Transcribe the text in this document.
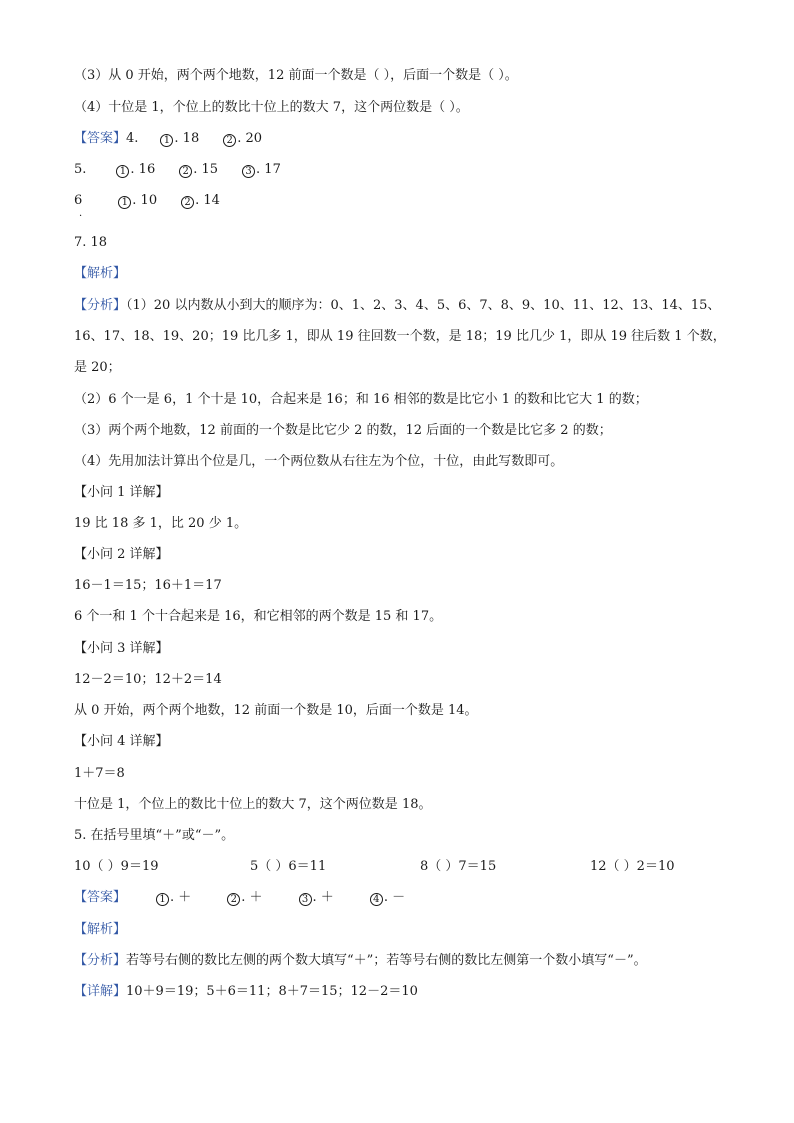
（3）从 0 开始，两个两个地数，12 前面一个数是（ ），后面一个数是（ ）。
（4）十位是 1，个位上的数比十位上的数大 7，这个两位数是（ ）。
【答案】4.	1 . 18	2 . 20
5.	1 . 16	2 . 15	3 . 17
6	1 . 10	2 . 14
·
7. 18
【解析】
【分析】（1）20 以内数从小到大的顺序为：0、1、2、3、4、5、6、7、8、9、10、11、12、13、14、15、
16、17、18、19、20；19 比几多 1，即从 19 往回数一个数，是 18；19 比几少 1，即从 19 往后数 1 个数，
是 20；
（2）6 个一是 6，1 个十是 10，合起来是 16；和 16 相邻的数是比它小 1 的数和比它大 1 的数；
（3）两个两个地数，12 前面的一个数是比它少 2 的数，12 后面的一个数是比它多 2 的数；
（4）先用加法计算出个位是几，一个两位数从右往左为个位，十位，由此写数即可。
【小问 1 详解】
19 比 18 多 1，比 20 少 1。
【小问 2 详解】
16－1＝15；16＋1＝17
6 个一和 1 个十合起来是 16，和它相邻的两个数是 15 和 17。
【小问 3 详解】
12－2＝10；12＋2＝14
从 0 开始，两个两个地数，12 前面一个数是 10，后面一个数是 14。
【小问 4 详解】
1＋7＝8
十位是 1，个位上的数比十位上的数大 7，这个两位数是 18。
5. 在括号里填“＋”或“－”。
10（ ）9＝19	5（ ）6＝11	8（ ）7＝15	12（ ）2＝10
【答案】	1 . ＋	2 . ＋	3 . ＋	4 . －
【解析】
【分析】若等号右侧的数比左侧的两个数大填写“＋”；若等号右侧的数比左侧第一个数小填写“－”。
【详解】10＋9＝19；5＋6＝11；8＋7＝15；12－2＝10
